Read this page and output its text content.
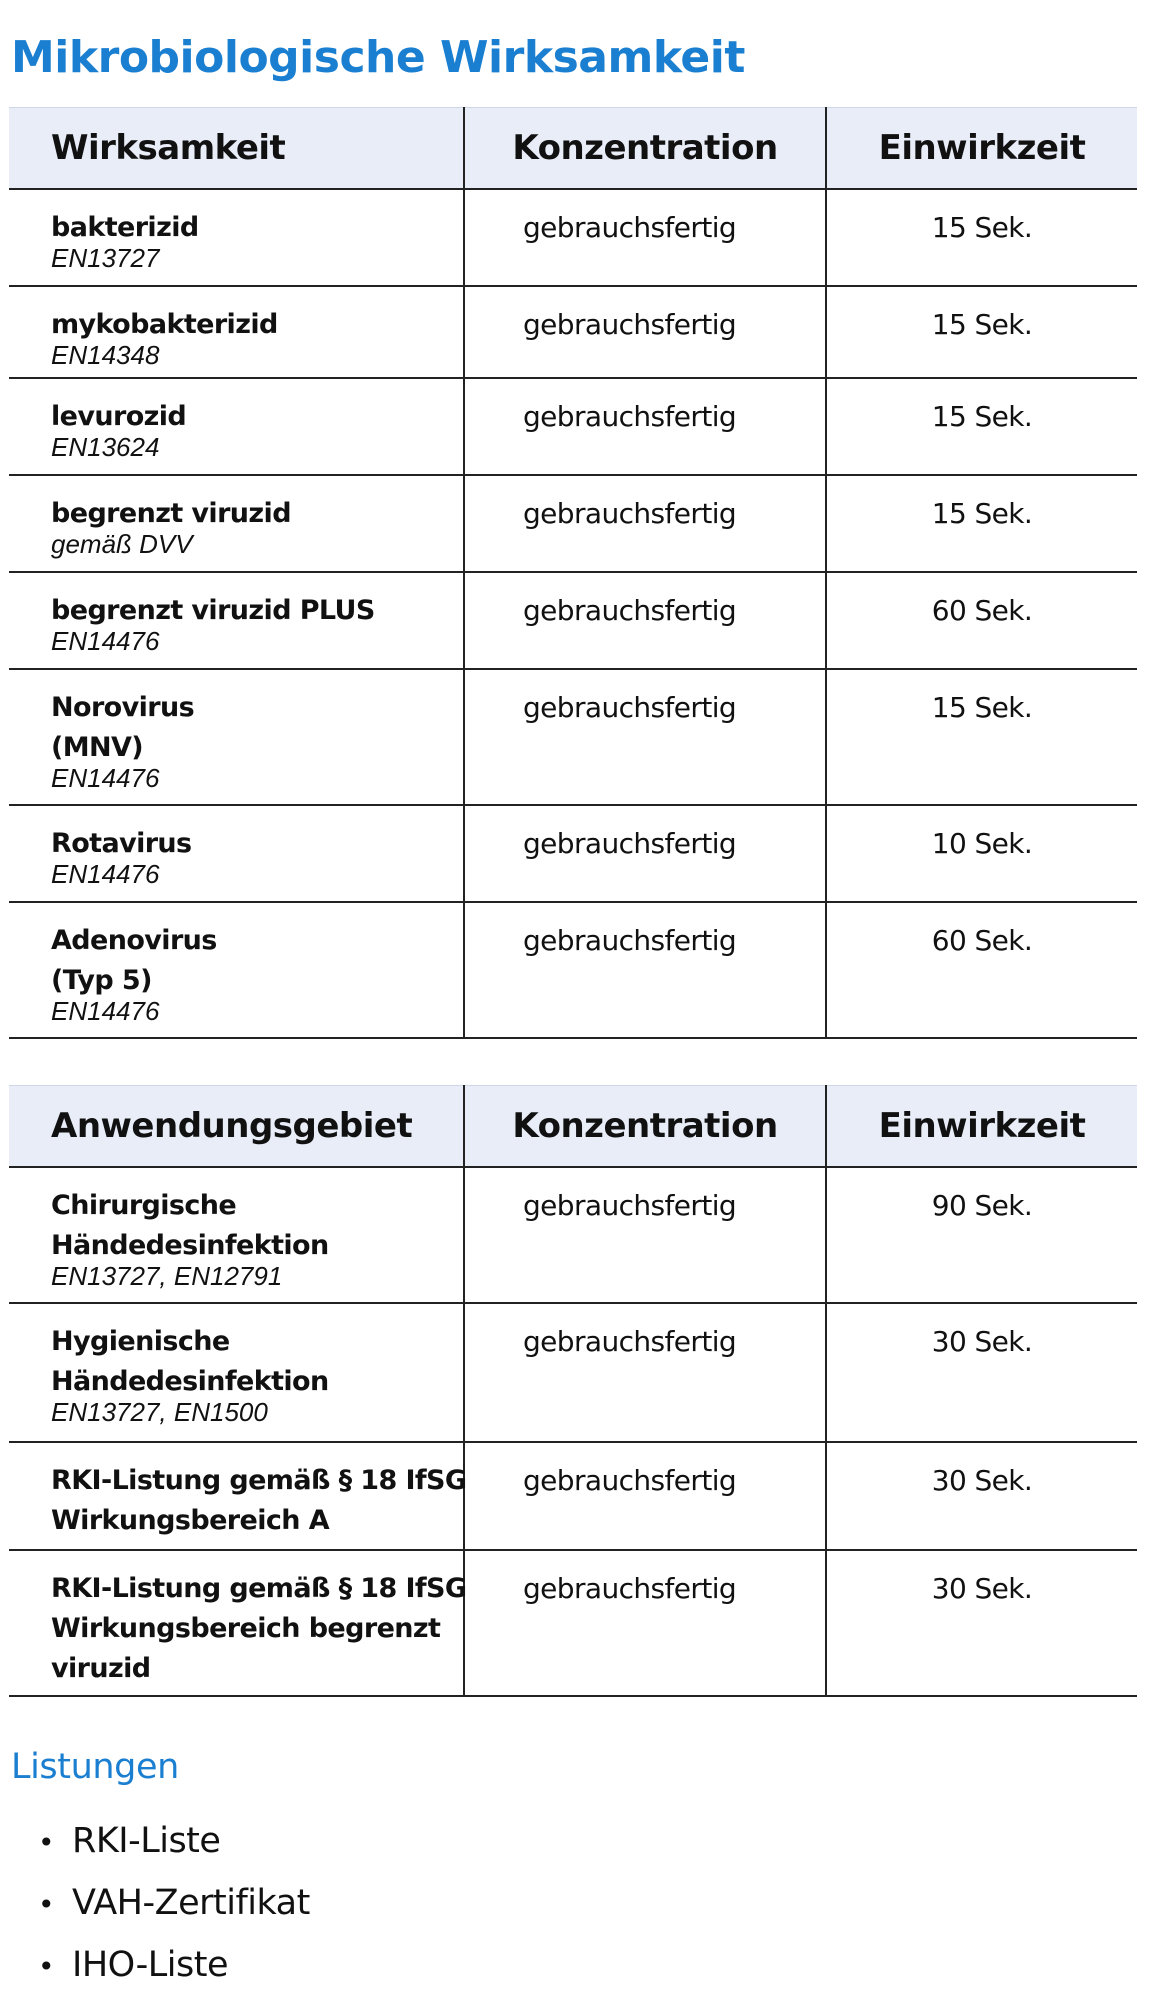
Mikrobiologische Wirksamkeit
Wirksamkeit	Konzentration	Einwirkzeit

bakterizid
EN13727	gebrauchsfertig	15 Sek.

mykobakterizid
EN14348	gebrauchsfertig	15 Sek.

levurozid
EN13624	gebrauchsfertig	15 Sek.

begrenzt viruzid
gemäß DVV	gebrauchsfertig	15 Sek.

begrenzt viruzid PLUS
EN14476	gebrauchsfertig	60 Sek.

Norovirus
(MNV)
EN14476	gebrauchsfertig	15 Sek.

Rotavirus
EN14476	gebrauchsfertig	10 Sek.

Adenovirus
(Typ 5)
EN14476	gebrauchsfertig	60 Sek.
Anwendungsgebiet	Konzentration	Einwirkzeit

Chirurgische
Händedesinfektion
EN13727, EN12791	gebrauchsfertig	90 Sek.

Hygienische
Händedesinfektion
EN13727, EN1500	gebrauchsfertig	30 Sek.

RKI-Listung gemäß § 18 IfSG
Wirkungsbereich A	gebrauchsfertig	30 Sek.

RKI-Listung gemäß § 18 IfSG
Wirkungsbereich begrenzt
viruzid	gebrauchsfertig	30 Sek.
Listungen
• RKI-Liste
• VAH-Zertifikat
• IHO-Liste
